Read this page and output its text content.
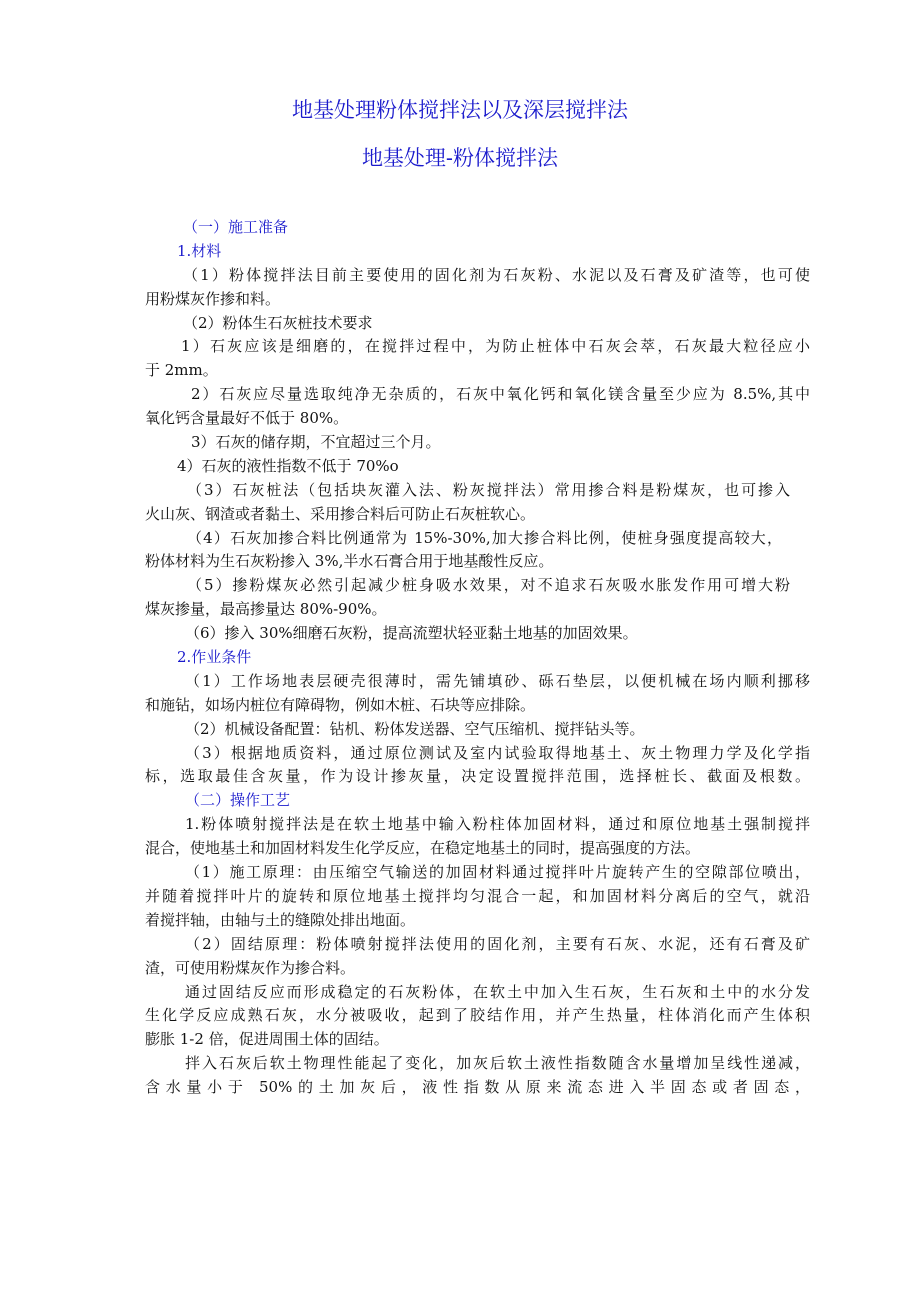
地基处理粉体搅拌法以及深层搅拌法
地基处理-粉体搅拌法
（一）施工准备
1.材料
（1）粉体搅拌法目前主要使用的固化剂为石灰粉、水泥以及石膏及矿渣等，也可使
用粉煤灰作掺和料。
（2）粉体生石灰桩技术要求
1）石灰应该是细磨的，在搅拌过程中，为防止桩体中石灰会萃，石灰最大粒径应小
于 2mm。
2）石灰应尽量选取纯净无杂质的，石灰中氧化钙和氧化镁含量至少应为 8.5%,其中
氧化钙含量最好不低于 80%。
3）石灰的储存期，不宜超过三个月。
4）石灰的液性指数不低于 70%o
（3）石灰桩法（包括块灰灌入法、粉灰搅拌法）常用掺合料是粉煤灰，也可掺入
火山灰、钢渣或者黏土、采用掺合料后可防止石灰桩软心。
（4）石灰加掺合料比例通常为 15%-30%,加大掺合料比例，使桩身强度提高较大，
粉体材料为生石灰粉掺入 3%,半水石膏合用于地基酸性反应。
（5）掺粉煤灰必然引起减少桩身吸水效果，对不追求石灰吸水胀发作用可增大粉
煤灰掺量，最高掺量达 80%-90%。
（6）掺入 30%细磨石灰粉，提高流塑状轻亚黏土地基的加固效果。
2.作业条件
（1）工作场地表层硬壳很薄时，需先铺填砂、砾石垫层，以便机械在场内顺利挪移
和施钻，如场内桩位有障碍物，例如木桩、石块等应排除。
（2）机械设备配置：钻机、粉体发送器、空气压缩机、搅拌钻头等。
（3）根据地质资料，通过原位测试及室内试验取得地基土、灰土物理力学及化学指
标，选取最佳含灰量，作为设计掺灰量，决定设置搅拌范围，选择桩长、截面及根数。
（二）操作工艺
1.粉体喷射搅拌法是在软土地基中输入粉柱体加固材料，通过和原位地基土强制搅拌
混合，使地基土和加固材料发生化学反应，在稳定地基土的同时，提高强度的方法。
（1）施工原理：由压缩空气输送的加固材料通过搅拌叶片旋转产生的空隙部位喷出，
并随着搅拌叶片的旋转和原位地基土搅拌均匀混合一起，和加固材料分离后的空气，就沿
着搅拌轴，由轴与土的缝隙处排出地面。
（2）固结原理：粉体喷射搅拌法使用的固化剂，主要有石灰、水泥，还有石膏及矿
渣，可使用粉煤灰作为掺合料。
通过固结反应而形成稳定的石灰粉体，在软土中加入生石灰，生石灰和土中的水分发
生化学反应成熟石灰，水分被吸收，起到了胶结作用，并产生热量，柱体消化而产生体积
膨胀 1-2 倍，促进周围土体的固结。
拌入石灰后软土物理性能起了变化，加灰后软土液性指数随含水量增加呈线性递减，
含水量小于 50%的土加灰后，液性指数从原来流态进入半固态或者固态，
